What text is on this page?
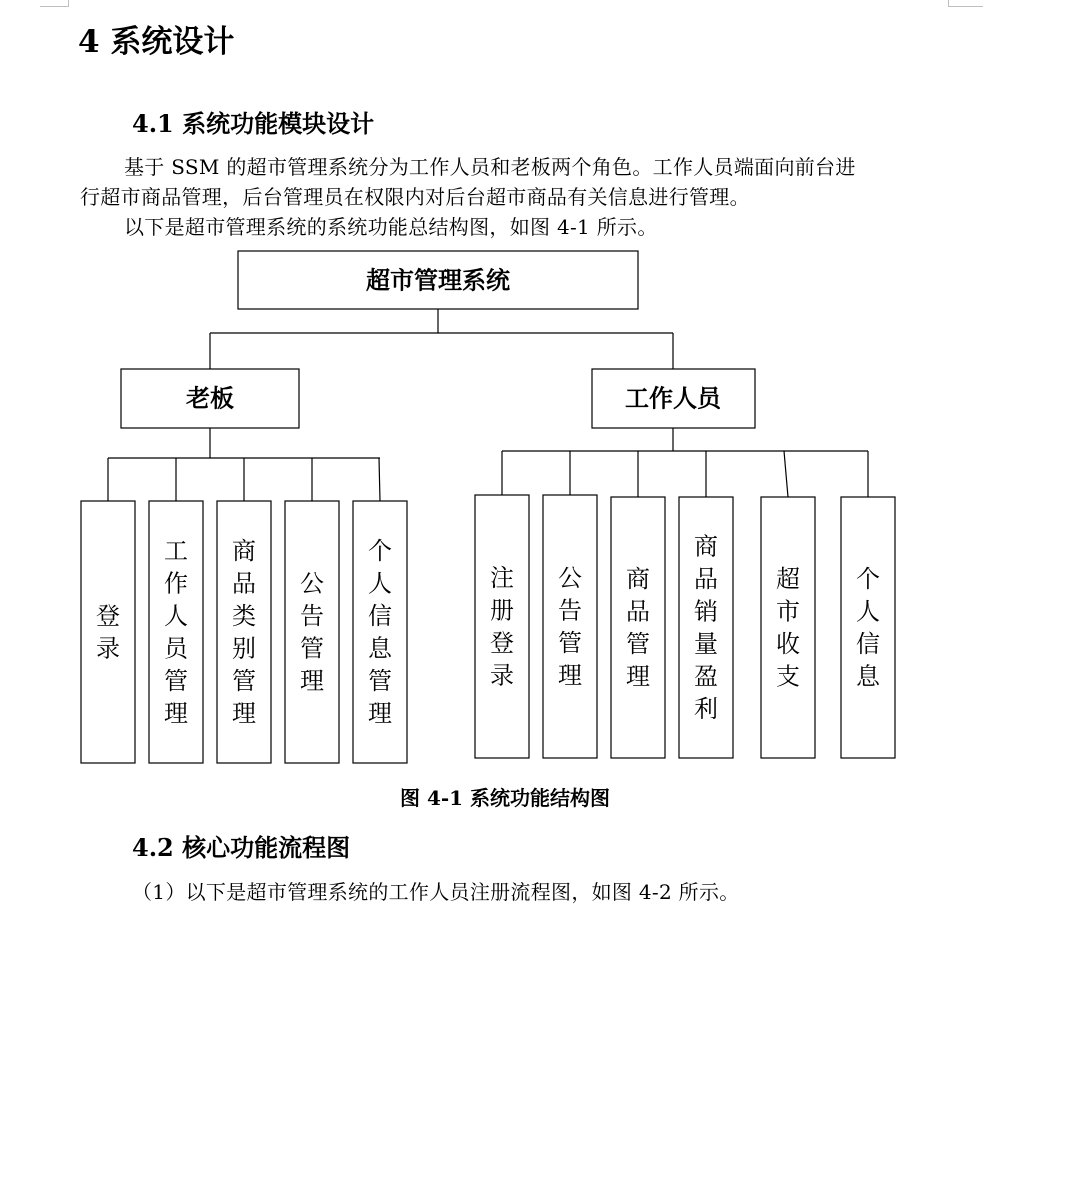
4 系统设计
4.1 系统功能模块设计
基于 SSM 的超市管理系统分为工作人员和老板两个角色。工作人员端面向前台进
行超市商品管理，后台管理员在权限内对后台超市商品有关信息进行管理。
以下是超市管理系统的系统功能总结构图，如图 4-1 所示。
超市管理系统
老板	工作人员
登录
工作人员管理
商品类别管理
公告管理
个人信息管理
注册登录
公告管理
商品管理
商品销量盈利
超市收支
个人信息
图 4-1 系统功能结构图
4.2 核心功能流程图
（1）以下是超市管理系统的工作人员注册流程图，如图 4-2 所示。
